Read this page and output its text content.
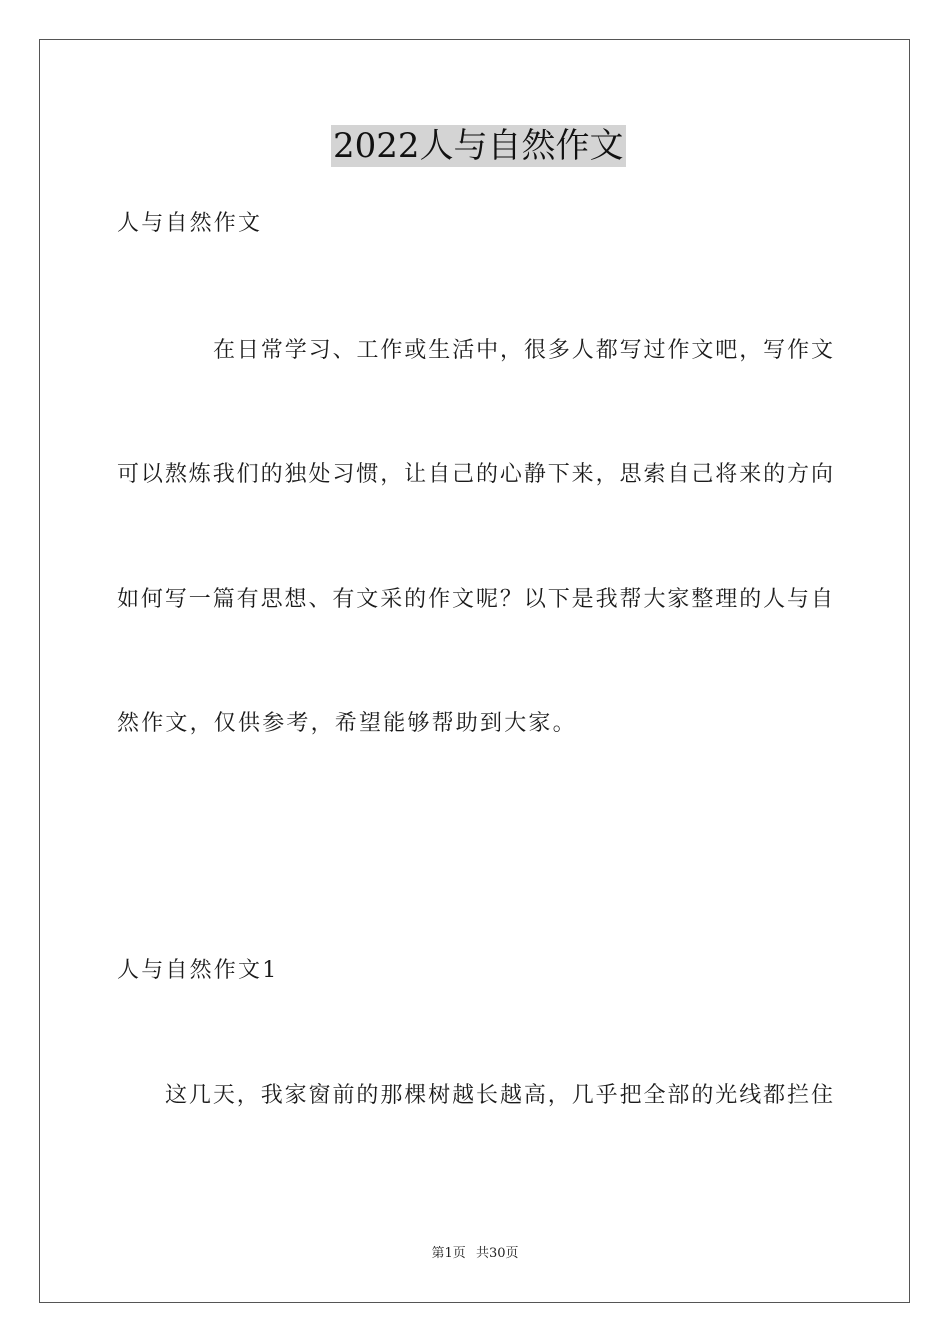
2022人与自然作文
人与自然作文
在日常学习、工作或生活中，很多人都写过作文吧，写作文
可以熬炼我们的独处习惯，让自己的心静下来，思索自己将来的方向
如何写一篇有思想、有文采的作文呢？以下是我帮大家整理的人与自
然作文，仅供参考，希望能够帮助到大家。
人与自然作文1
这几天，我家窗前的那棵树越长越高，几乎把全部的光线都拦住
第1页 共30页
